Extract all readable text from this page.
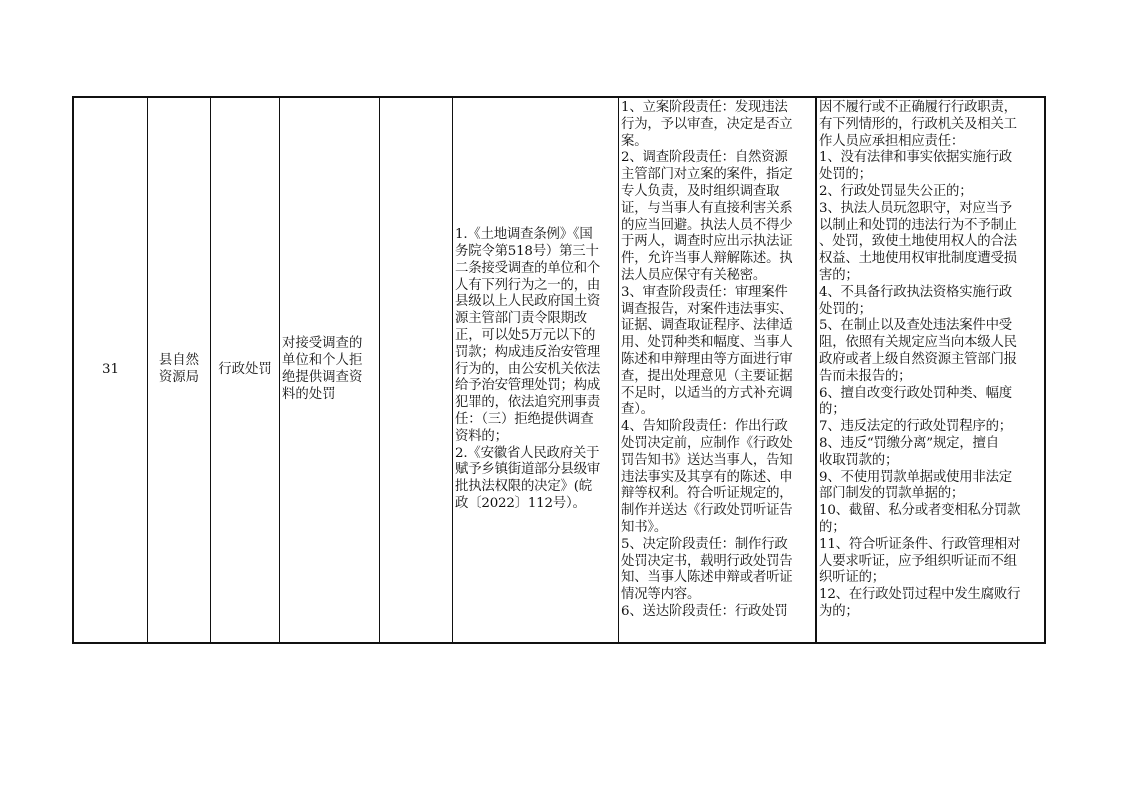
31
县自然
资源局
行政处罚
对接受调查的
单位和个人拒
绝提供调查资
料的处罚
1.《土地调查条例》《国
务院令第518号）第三十
二条接受调查的单位和个
人有下列行为之一的，由
县级以上人民政府国土资
源主管部门责令限期改
正，可以处5万元以下的
罚款；构成违反治安管理
行为的，由公安机关依法
给予治安管理处罚；构成
犯罪的，依法追究刑事责
任：（三）拒绝提供调查
资料的；
2.《安徽省人民政府关于
赋予乡镇街道部分县级审
批执法权限的决定》(皖
政〔2022〕112号）。
1、立案阶段责任：发现违法
行为，予以审查，决定是否立
案。
2、调查阶段责任：自然资源
主管部门对立案的案件，指定
专人负责，及时组织调查取
证，与当事人有直接利害关系
的应当回避。执法人员不得少
于两人，调查时应出示执法证
件，允许当事人辩解陈述。执
法人员应保守有关秘密。
3、审查阶段责任：审理案件
调查报告，对案件违法事实、
证据、调查取证程序、法律适
用、处罚种类和幅度、当事人
陈述和申辩理由等方面进行审
查，提出处理意见（主要证据
不足时，以适当的方式补充调
查）。
4、告知阶段责任：作出行政
处罚决定前，应制作《行政处
罚告知书》送达当事人，告知
违法事实及其享有的陈述、申
辩等权利。符合听证规定的，
制作并送达《行政处罚听证告
知书》。
5、决定阶段责任：制作行政
处罚决定书，载明行政处罚告
知、当事人陈述申辩或者听证
情况等内容。
6、送达阶段责任：行政处罚
因不履行或不正确履行行政职责，
有下列情形的，行政机关及相关工
作人员应承担相应责任：
1、没有法律和事实依据实施行政
处罚的；
2、行政处罚显失公正的；
3、执法人员玩忽职守，对应当予
以制止和处罚的违法行为不予制止
、处罚，致使土地使用权人的合法
权益、土地使用权审批制度遭受损
害的；
4、不具备行政执法资格实施行政
处罚的；
5、在制止以及查处违法案件中受
阻，依照有关规定应当向本级人民
政府或者上级自然资源主管部门报
告而未报告的；
6、擅自改变行政处罚种类、幅度
的；
7、违反法定的行政处罚程序的；
8、违反“罚缴分离”规定，擅自
收取罚款的；
9、不使用罚款单据或使用非法定
部门制发的罚款单据的；
10、截留、私分或者变相私分罚款
的；
11、符合听证条件、行政管理相对
人要求听证，应予组织听证而不组
织听证的；
12、在行政处罚过程中发生腐败行
为的；
